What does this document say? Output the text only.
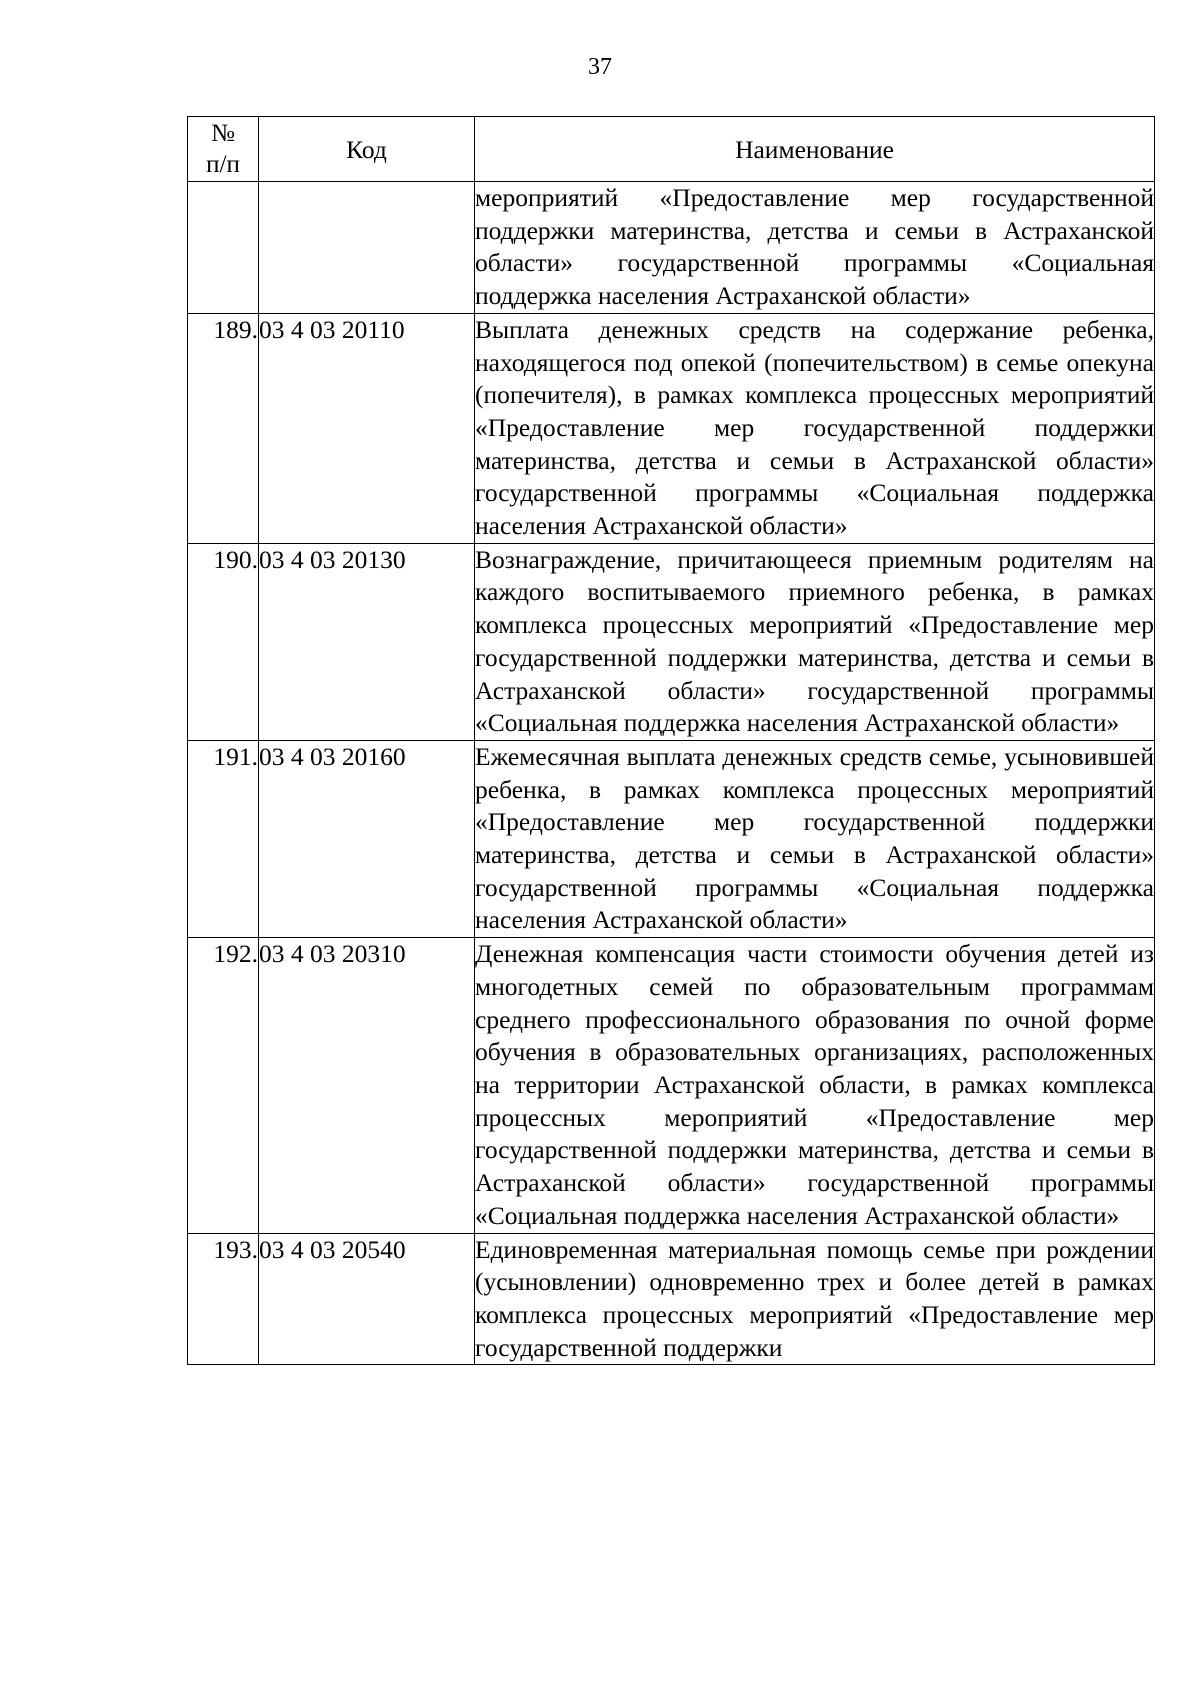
37
№
п/п	Код	Наименование
		мероприятий «Предоставление мер государственной поддержки материнства, детства и семьи в Астраханской области» государственной программы «Социальная поддержка населения Астраханской области»
189.	03 4 03 20110	Выплата денежных средств на содержание ребенка, находящегося под опекой (попечительством) в семье опекуна (попечителя), в рамках комплекса процессных мероприятий «Предоставление мер государственной поддержки материнства, детства и семьи в Астраханской области» государственной программы «Социальная поддержка населения Астраханской области»
190.	03 4 03 20130	Вознаграждение, причитающееся приемным родителям на каждого воспитываемого приемного ребенка, в рамках комплекса процессных мероприятий «Предоставление мер государственной поддержки материнства, детства и семьи в Астраханской области» государственной программы «Социальная поддержка населения Астраханской области»
191.	03 4 03 20160	Ежемесячная выплата денежных средств семье, усыновившей ребенка, в рамках комплекса процессных мероприятий «Предоставление мер государственной поддержки материнства, детства и семьи в Астраханской области» государственной программы «Социальная поддержка населения Астраханской области»
192.	03 4 03 20310	Денежная компенсация части стоимости обучения детей из многодетных семей по образовательным программам среднего профессионального образования по очной форме обучения в образовательных организациях, расположенных на территории Астраханской области, в рамках комплекса процессных мероприятий «Предоставление мер государственной поддержки материнства, детства и семьи в Астраханской области» государственной программы «Социальная поддержка населения Астраханской области»
193.	03 4 03 20540	Единовременная материальная помощь семье при рождении (усыновлении) одновременно трех и более детей в рамках комплекса процессных мероприятий «Предоставление мер государственной поддержки
